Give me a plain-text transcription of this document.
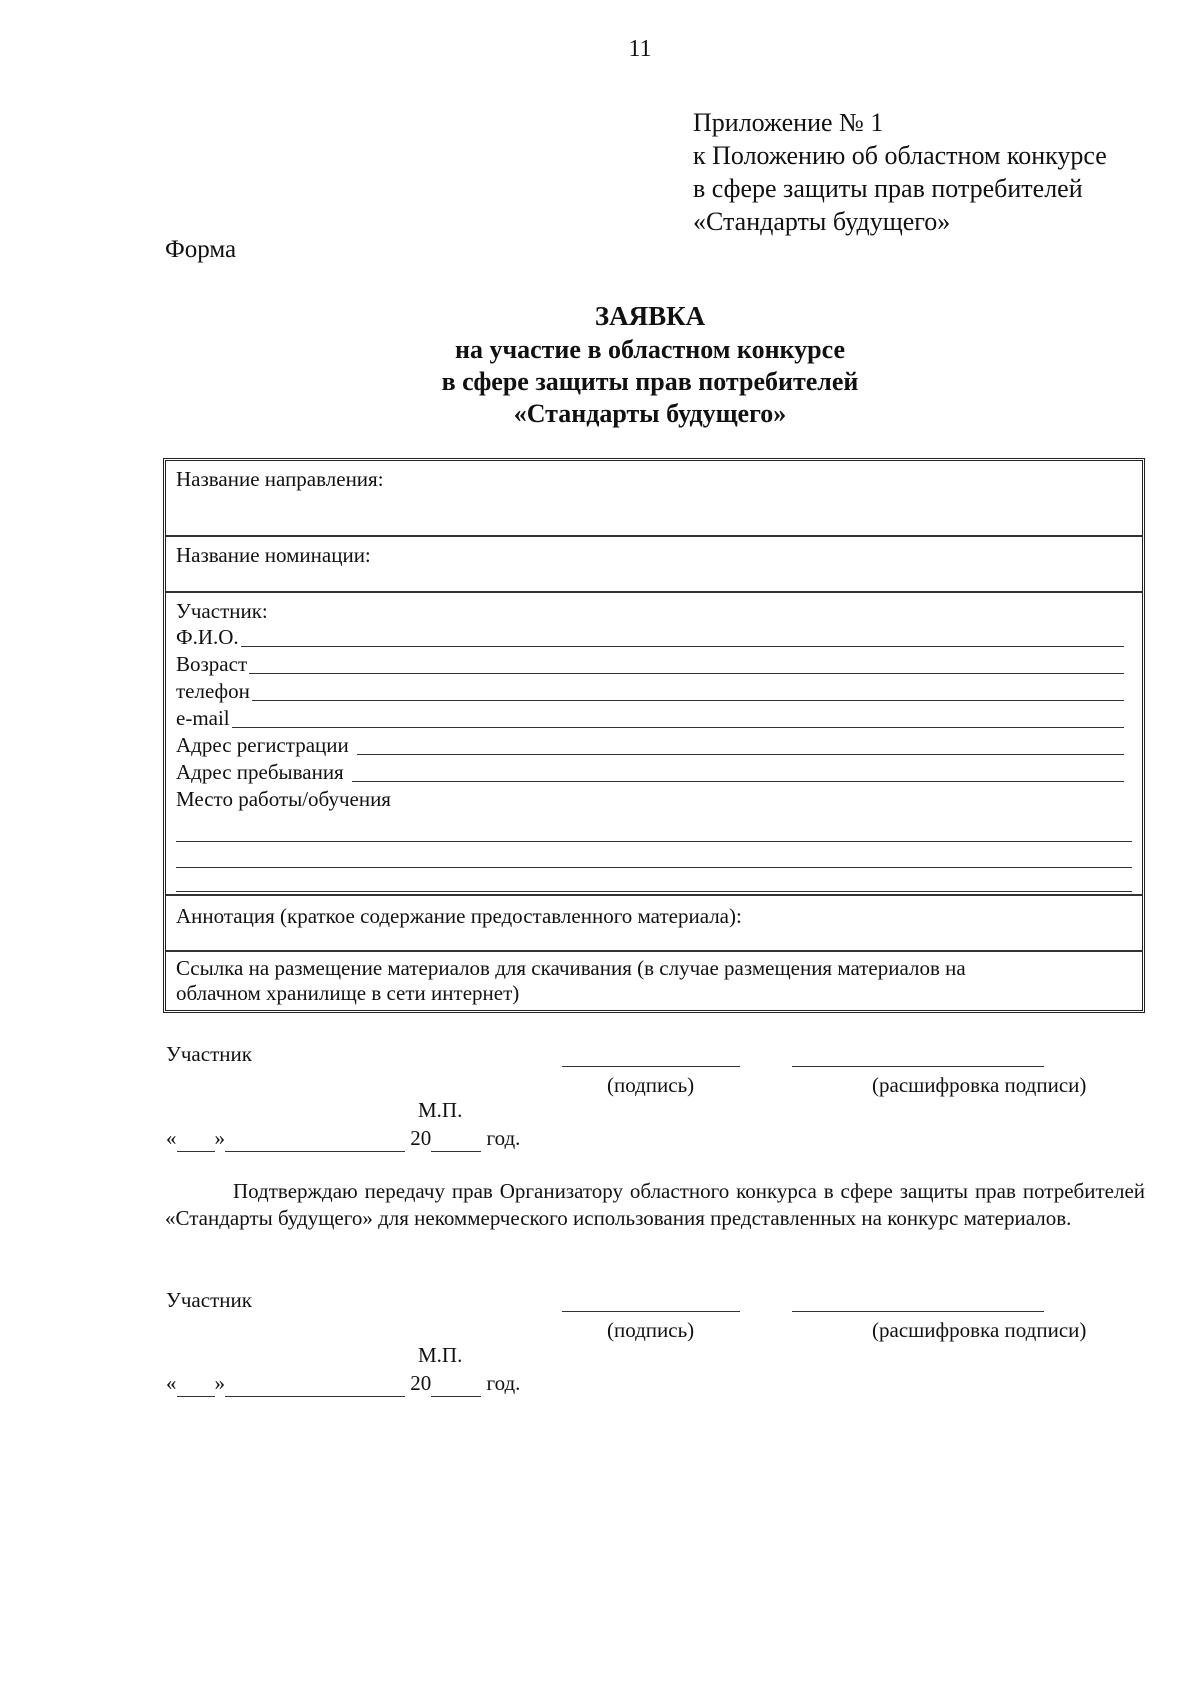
11
Приложение № 1
к Положению об областном конкурсе
в сфере защиты прав потребителей
«Стандарты будущего»
Форма
ЗАЯВКА
на участие в областном конкурсе
в сфере защиты прав потребителей
«Стандарты будущего»
Название направления:
Название номинации:
Участник:
Ф.И.О.
Возраст
телефон
e-mail
Адрес регистрации
Адрес пребывания
Место работы/обучения
Аннотация (краткое содержание предоставленного материала):
Ссылка на размещение материалов для скачивания (в случае размещения материалов на
облачном хранилище в сети интернет)
Участник
(подпись)	(расшифровка подписи)
М.П.
« »	20	год.
Подтверждаю передачу прав Организатору областного конкурса в сфере защиты прав потребителей «Стандарты будущего» для некоммерческого использования представленных на конкурс материалов.
Участник
(подпись)	(расшифровка подписи)
М.П.
« »	20	год.
